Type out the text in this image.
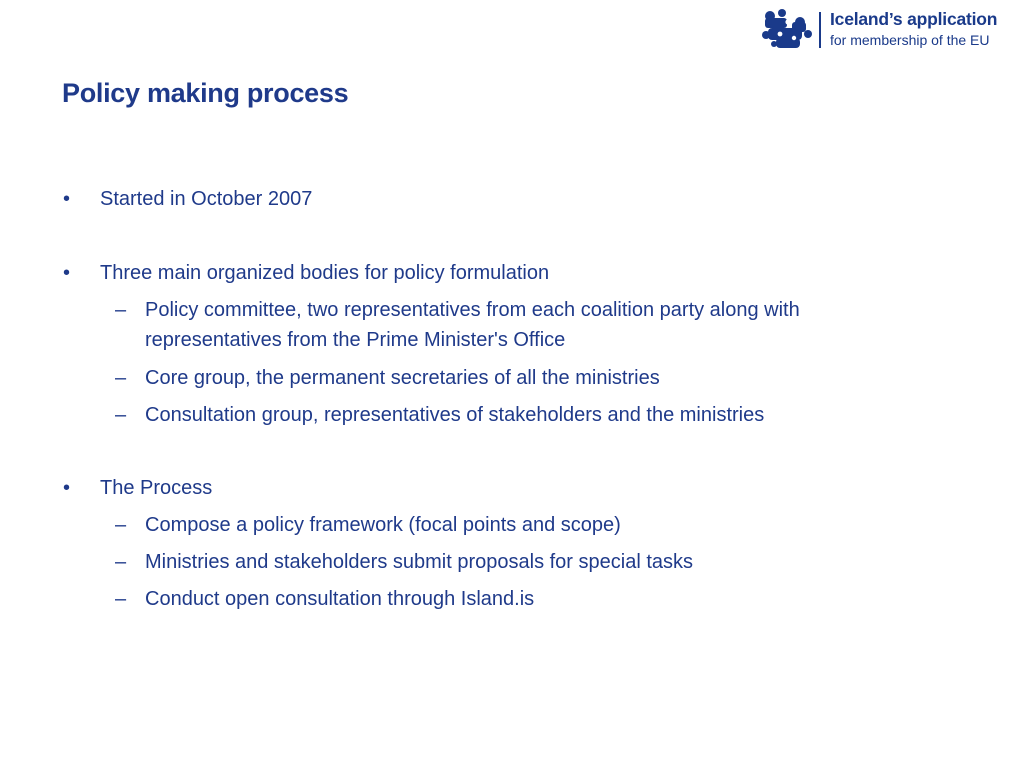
Iceland’s application
for membership of the EU
Policy making process
• Started in October 2007
• Three main organized bodies for policy formulation
– Policy committee, two representatives from each coalition party along with
representatives from the Prime Minister's Office
– Core group, the permanent secretaries of all the ministries
– Consultation group, representatives of stakeholders and the ministries
• The Process
– Compose a policy framework (focal points and scope)
– Ministries and stakeholders submit proposals for special tasks
– Conduct open consultation through Island.is
